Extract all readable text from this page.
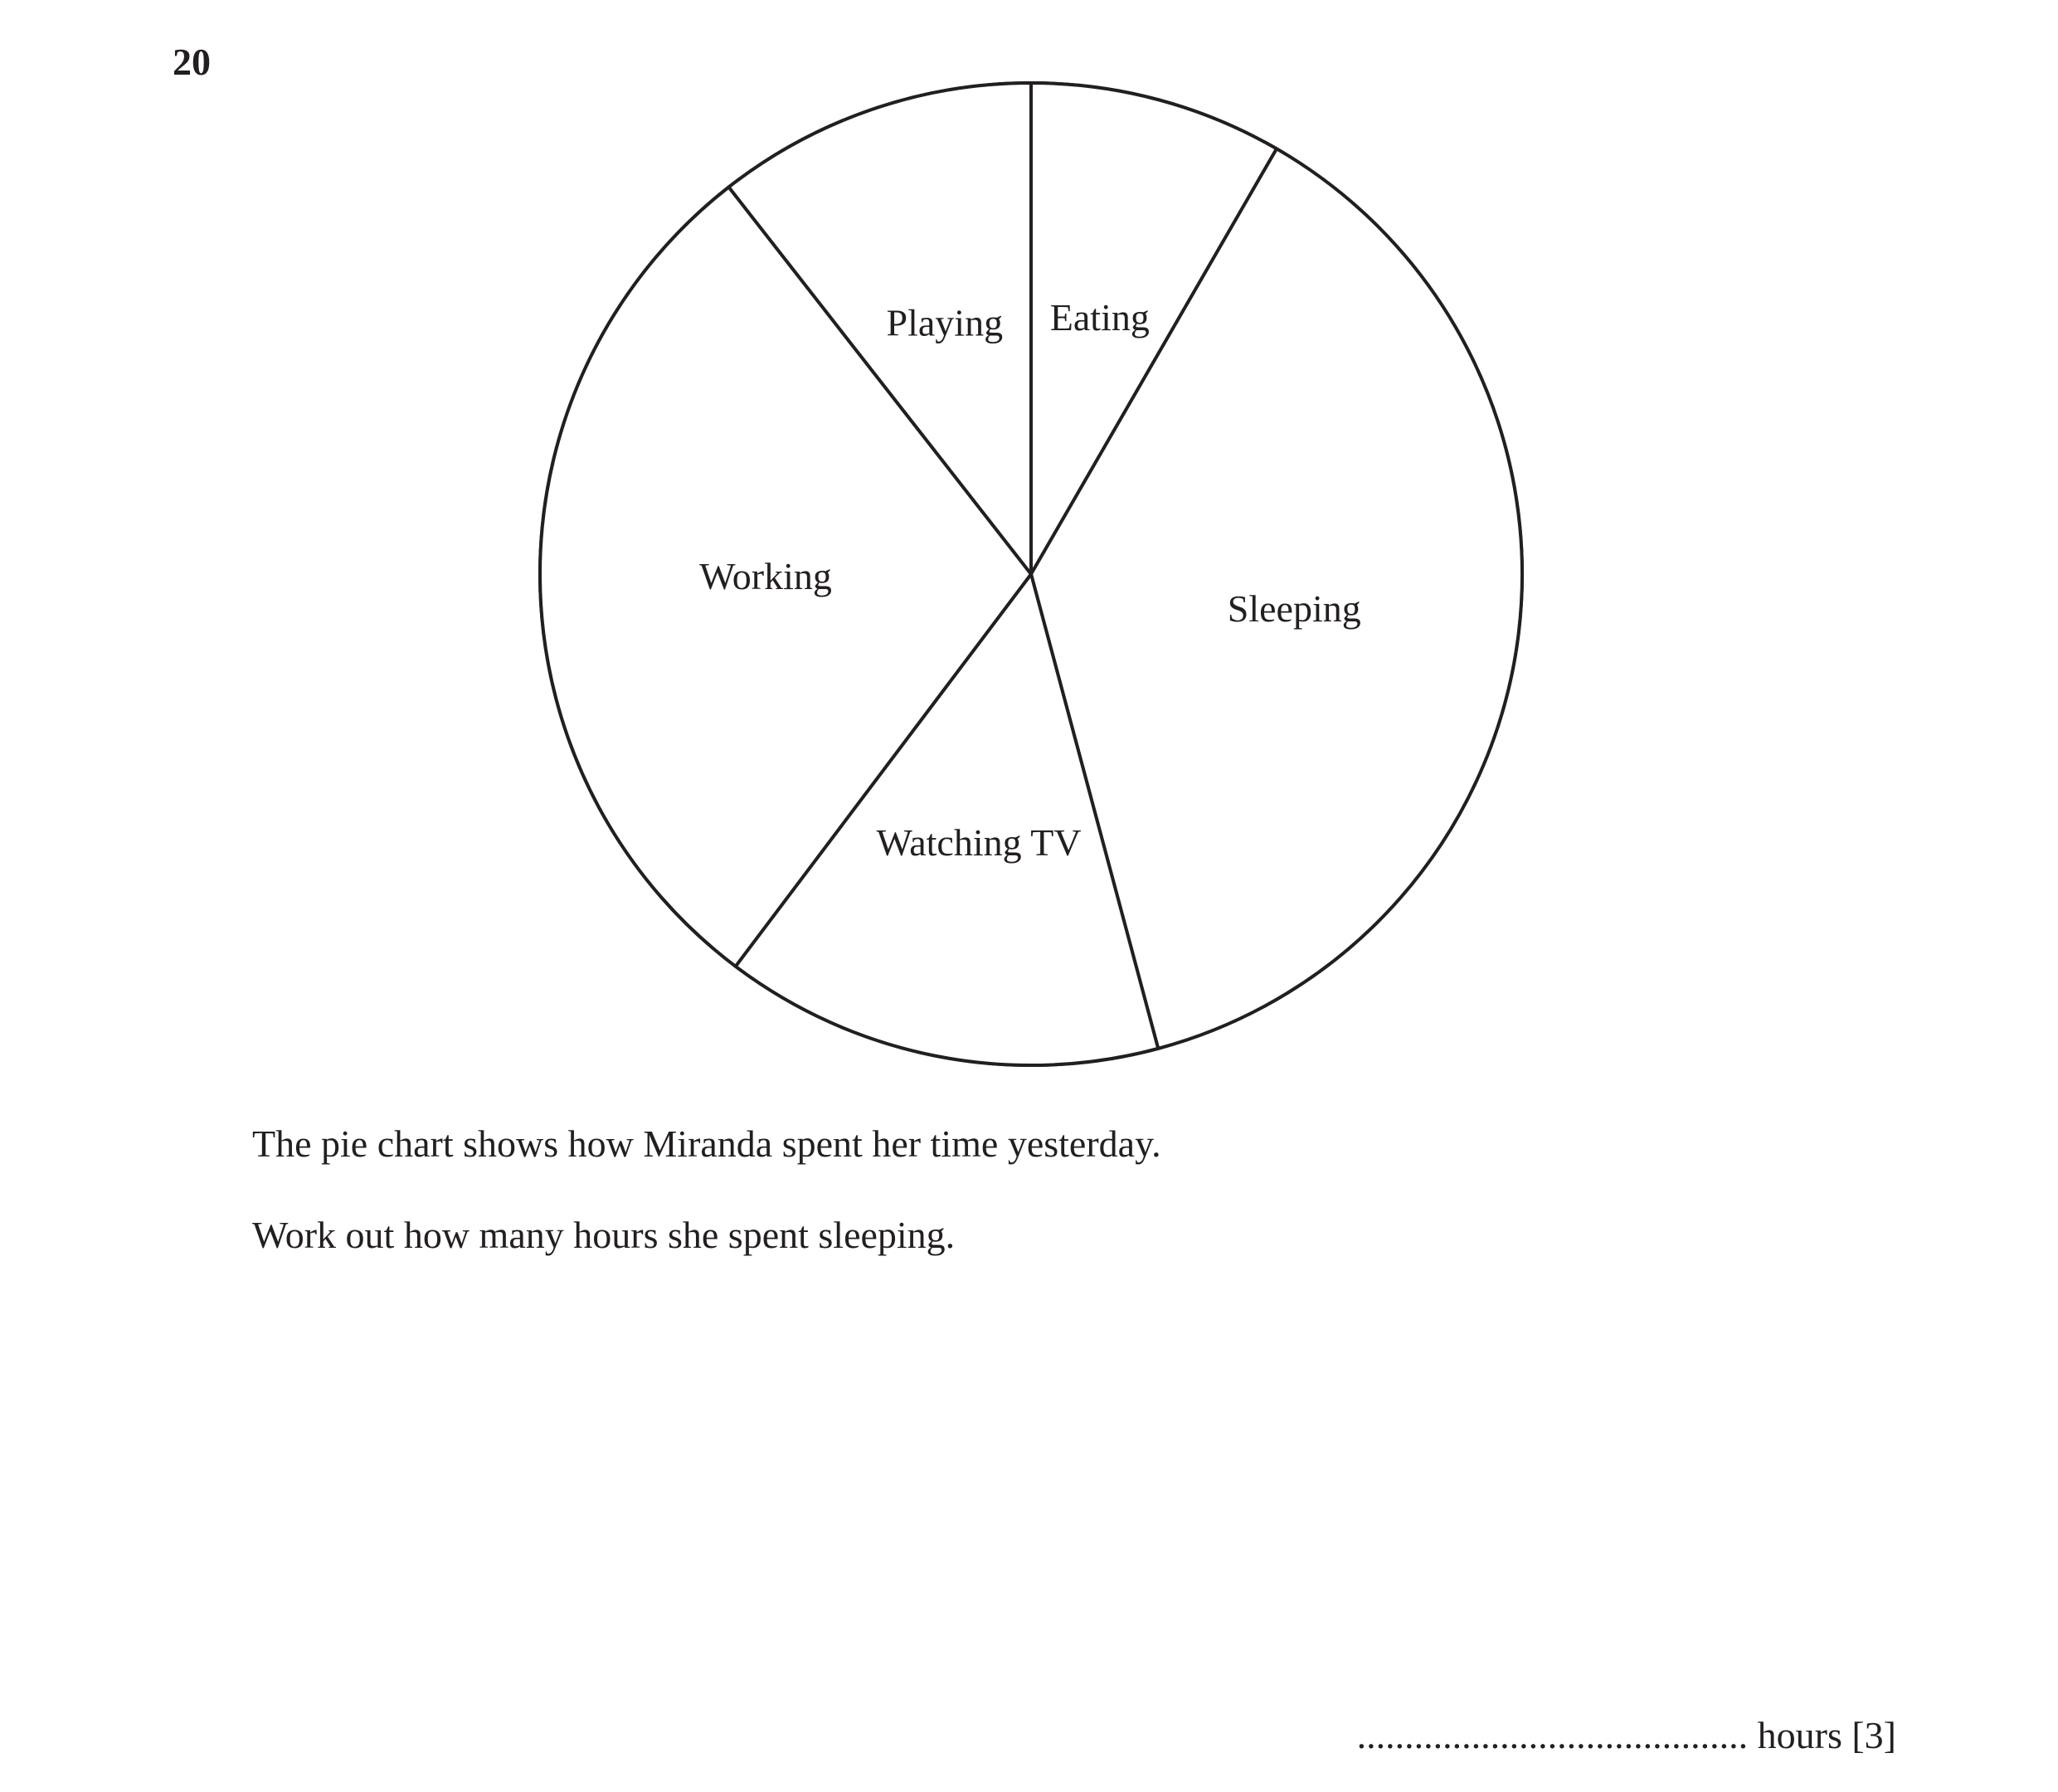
20
Eating
Sleeping
Watching TV
Working
Playing
The pie chart shows how Miranda spent her time yesterday.
Work out how many hours she spent sleeping.
......................................... hours [3]
